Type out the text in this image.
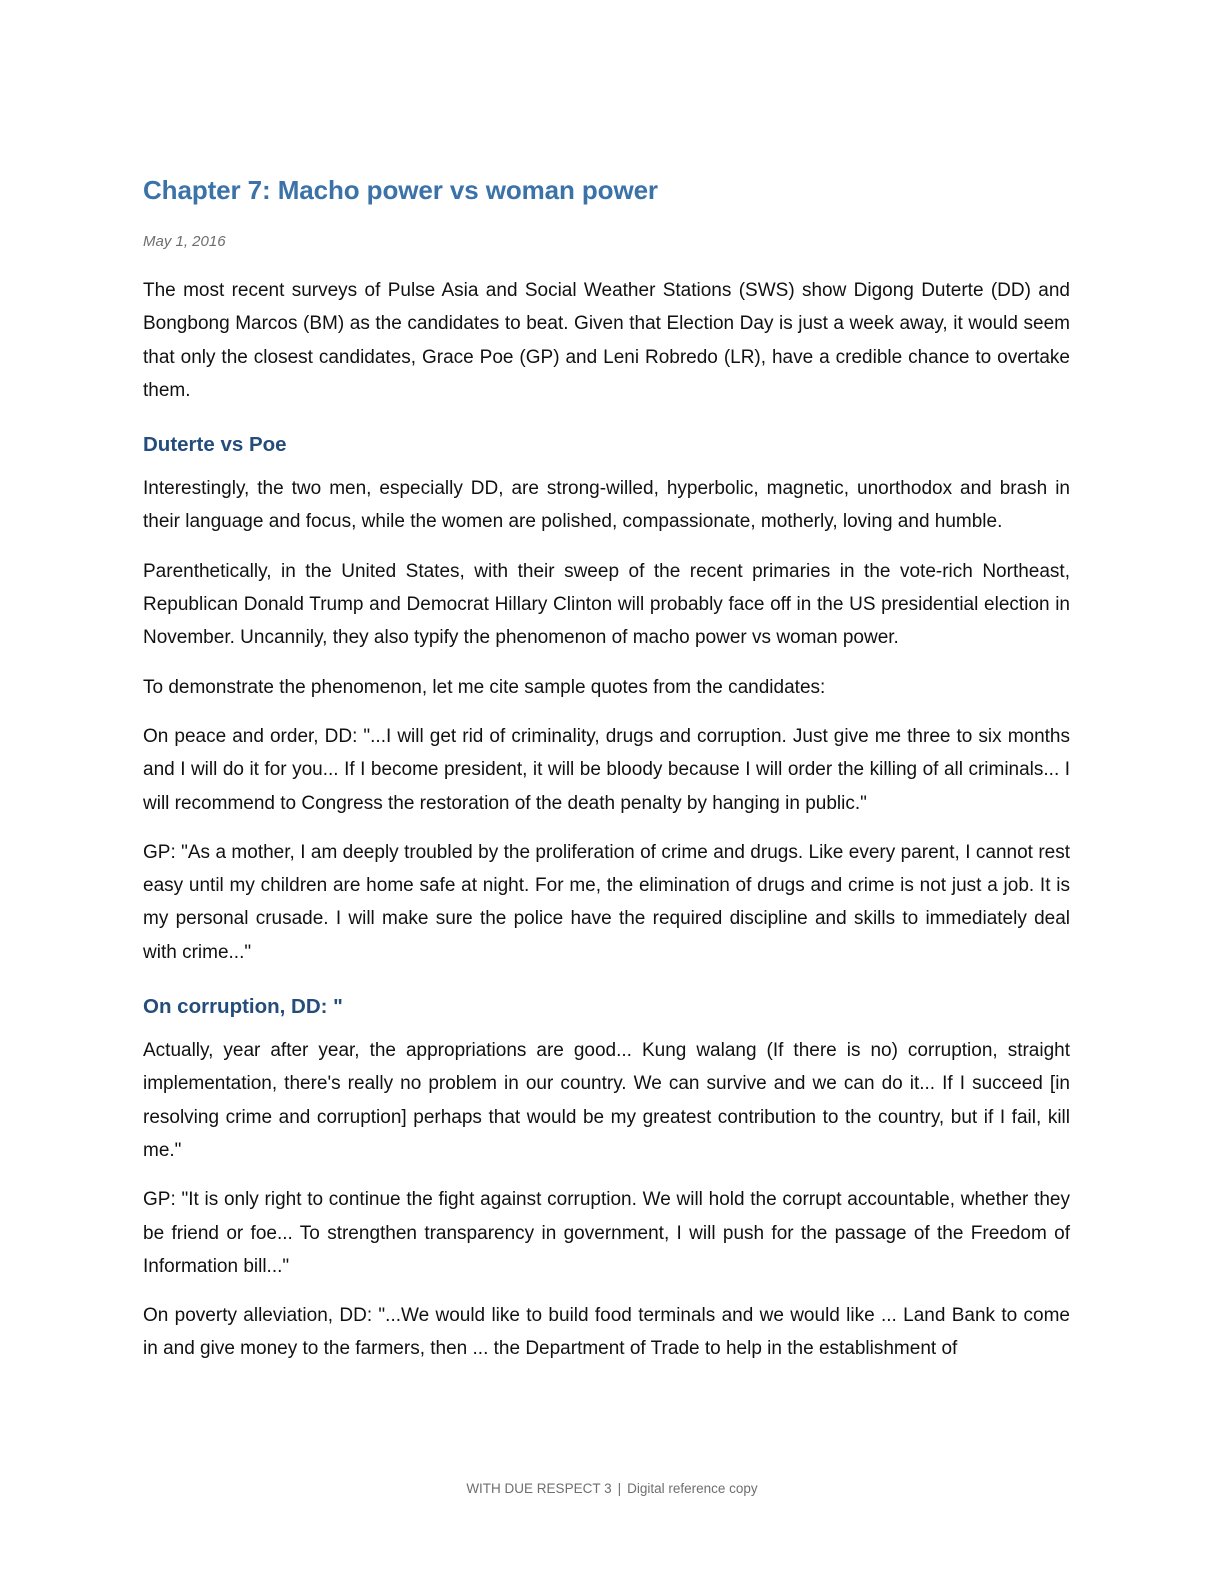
Chapter 7: Macho power vs woman power
May 1, 2016

The most recent surveys of Pulse Asia and Social Weather Stations (SWS) show Digong Duterte (DD) and Bongbong Marcos (BM) as the candidates to beat. Given that Election Day is just a week away, it would seem that only the closest candidates, Grace Poe (GP) and Leni Robredo (LR), have a credible chance to overtake them.

Duterte vs Poe

Interestingly, the two men, especially DD, are strong-willed, hyperbolic, magnetic, unorthodox and brash in their language and focus, while the women are polished, compassionate, motherly, loving and humble.

Parenthetically, in the United States, with their sweep of the recent primaries in the vote-rich Northeast, Republican Donald Trump and Democrat Hillary Clinton will probably face off in the US presidential election in November. Uncannily, they also typify the phenomenon of macho power vs woman power.

To demonstrate the phenomenon, let me cite sample quotes from the candidates:

On peace and order, DD: "...I will get rid of criminality, drugs and corruption. Just give me three to six months and I will do it for you... If I become president, it will be bloody because I will order the killing of all criminals... I will recommend to Congress the restoration of the death penalty by hanging in public."

GP: "As a mother, I am deeply troubled by the proliferation of crime and drugs. Like every parent, I cannot rest easy until my children are home safe at night. For me, the elimination of drugs and crime is not just a job. It is my personal crusade. I will make sure the police have the required discipline and skills to immediately deal with crime..."

On corruption, DD: "

Actually, year after year, the appropriations are good... Kung walang (If there is no) corruption, straight implementation, there's really no problem in our country. We can survive and we can do it... If I succeed [in resolving crime and corruption] perhaps that would be my greatest contribution to the country, but if I fail, kill me."

GP: "It is only right to continue the fight against corruption. We will hold the corrupt accountable, whether they be friend or foe... To strengthen transparency in government, I will push for the passage of the Freedom of Information bill..."

On poverty alleviation, DD: "...We would like to build food terminals and we would like ... Land Bank to come in and give money to the farmers, then ... the Department of Trade to help in the establishment of

WITH DUE RESPECT 3 | Digital reference copy
